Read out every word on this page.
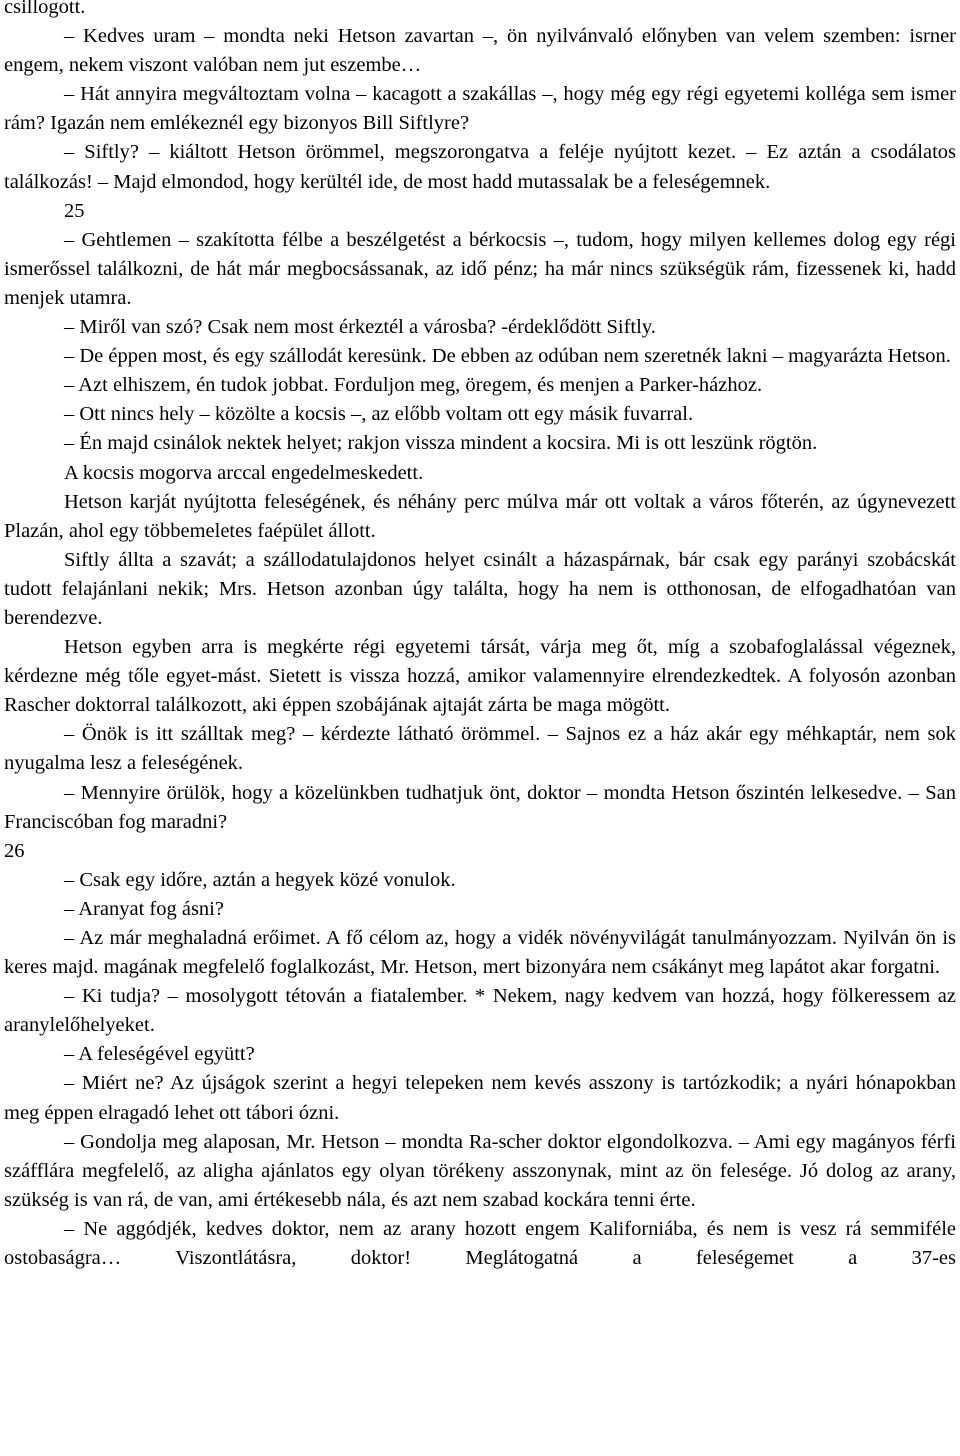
csillogott.

– Kedves uram – mondta neki Hetson zavartan –, ön nyilvánvaló előnyben van velem szemben: isrner engem, nekem viszont valóban nem jut eszembe…

– Hát annyira megváltoztam volna – kacagott a szakállas –, hogy még egy régi egyetemi kolléga sem ismer rám? Igazán nem emlékeznél egy bizonyos Bill Siftlyre?

– Siftly? – kiáltott Hetson örömmel, megszorongatva a feléje nyújtott kezet. – Ez aztán a csodálatos találkozás! – Majd elmondod, hogy kerültél ide, de most hadd mutassalak be a feleségemnek.

25

– Gehtlemen – szakította félbe a beszélgetést a bérkocsis –, tudom, hogy milyen kellemes dolog egy régi ismerőssel találkozni, de hát már megbocsássanak, az idő pénz; ha már nincs szükségük rám, fizessenek ki, hadd menjek utamra.

– Miről van szó? Csak nem most érkeztél a városba? -érdeklődött Siftly.

– De éppen most, és egy szállodát keresünk. De ebben az odúban nem szeretnék lakni – magyarázta Hetson.

– Azt elhiszem, én tudok jobbat. Forduljon meg, öregem, és menjen a Parker-házhoz.

– Ott nincs hely – közölte a kocsis –, az előbb voltam ott egy másik fuvarral.

– Én majd csinálok nektek helyet; rakjon vissza mindent a kocsira. Mi is ott leszünk rögtön.

A kocsis mogorva arccal engedelmeskedett.

Hetson karját nyújtotta feleségének, és néhány perc múlva már ott voltak a város főterén, az úgynevezett Plazán, ahol egy többemeletes faépület állott.

Siftly állta a szavát; a szállodatulajdonos helyet csinált a házaspárnak, bár csak egy parányi szobácskát tudott felajánlani nekik; Mrs. Hetson azonban úgy találta, hogy ha nem is otthonosan, de elfogadhatóan van berendezve.

Hetson egyben arra is megkérte régi egyetemi társát, várja meg őt, míg a szobafoglalással végeznek, kérdezne még tőle egyet-mást. Sietett is vissza hozzá, amikor valamennyire elrendezkedtek. A folyosón azonban Rascher doktorral találkozott, aki éppen szobájának ajtaját zárta be maga mögött.

– Önök is itt szálltak meg? – kérdezte látható örömmel. – Sajnos ez a ház akár egy méhkaptár, nem sok nyugalma lesz a feleségének.

– Mennyire örülök, hogy a közelünkben tudhatjuk önt, doktor – mondta Hetson őszintén lelkesedve. – San Franciscóban fog maradni?

26

– Csak egy időre, aztán a hegyek közé vonulok.

– Aranyat fog ásni?

– Az már meghaladná erőimet. A fő célom az, hogy a vidék növényvilágát tanulmányozzam. Nyilván ön is keres majd. magának megfelelő foglalkozást, Mr. Hetson, mert bizonyára nem csákányt meg lapátot akar forgatni.

– Ki tudja? – mosolygott tétován a fiatalember. * Nekem, nagy kedvem van hozzá, hogy fölkeressem az aranylelőhelyeket.

– A feleségével együtt?

– Miért ne? Az újságok szerint a hegyi telepeken nem kevés asszony is tartózkodik; a nyári hónapokban meg éppen elragadó lehet ott tábori ózni.

– Gondolja meg alaposan, Mr. Hetson – mondta Ra-scher doktor elgondolkozva. – Ami egy magányos férfi száfflára megfelelő, az aligha ajánlatos egy olyan törékeny asszonynak, mint az ön felesége. Jó dolog az arany, szükség is van rá, de van, ami értékesebb nála, és azt nem szabad kockára tenni érte.

– Ne aggódjék, kedves doktor, nem az arany hozott engem Kaliforniába, és nem is vesz rá semmiféle ostobaságra… Viszontlátásra, doktor! Meglátogatná a feleségemet a 37-es
